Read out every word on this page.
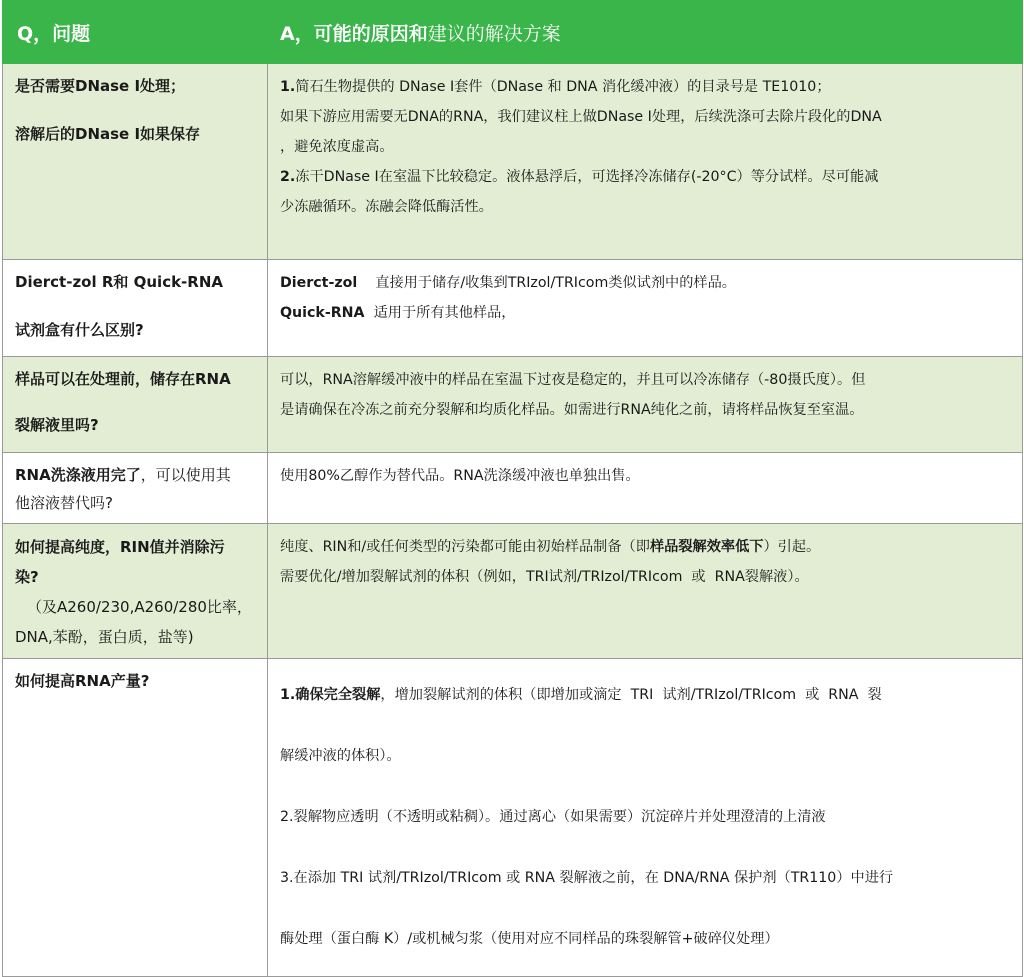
Q，问题	A，可能的原因和建议的解决方案

是否需要DNase I处理；
溶解后的DNase I如果保存	1.简石生物提供的 DNase I套件（DNase 和 DNA 消化缓冲液）的目录号是 TE1010；
如果下游应用需要无DNA的RNA，我们建议柱上做DNase I处理，后续洗涤可去除片段化的DNA
，避免浓度虚高。
2.冻干DNase I在室温下比较稳定。液体悬浮后，可选择冷冻储存(-20°C）等分试样。尽可能减
少冻融循环。冻融会降低酶活性。

Dierct-zol R和 Quick-RNA
试剂盒有什么区别?	Dierct-zol    直接用于储存/收集到TRIzol/TRIcom类似试剂中的样品。
Quick-RNA  适用于所有其他样品，

样品可以在处理前，储存在RNA
裂解液里吗?	可以，RNA溶解缓冲液中的样品在室温下过夜是稳定的，并且可以冷冻储存（-80摄氏度）。但
是请确保在冷冻之前充分裂解和均质化样品。如需进行RNA纯化之前，请将样品恢复至室温。

RNA洗涤液用完了，可以使用其
他溶液替代吗?	使用80%乙醇作为替代品。RNA洗涤缓冲液也单独出售。

如何提高纯度，RIN值并消除污
染?
（及A260/230,A260/280比率，
DNA,苯酚，蛋白质，盐等)	纯度、RIN和/或任何类型的污染都可能由初始样品制备（即样品裂解效率低下）引起。
需要优化/增加裂解试剂的体积（例如，TRI试剂/TRIzol/TRIcom  或  RNA裂解液）。

如何提高RNA产量?	1.确保完全裂解，增加裂解试剂的体积（即增加或滴定  TRI  试剂/TRIzol/TRIcom  或  RNA  裂
解缓冲液的体积）。
2.裂解物应透明（不透明或粘稠）。通过离心（如果需要）沉淀碎片并处理澄清的上清液
3.在添加 TRI 试剂/TRIzol/TRIcom 或 RNA 裂解液之前，在 DNA/RNA 保护剂（TR110）中进行
酶处理（蛋白酶 K）/或机械匀浆（使用对应不同样品的珠裂解管+破碎仪处理）
